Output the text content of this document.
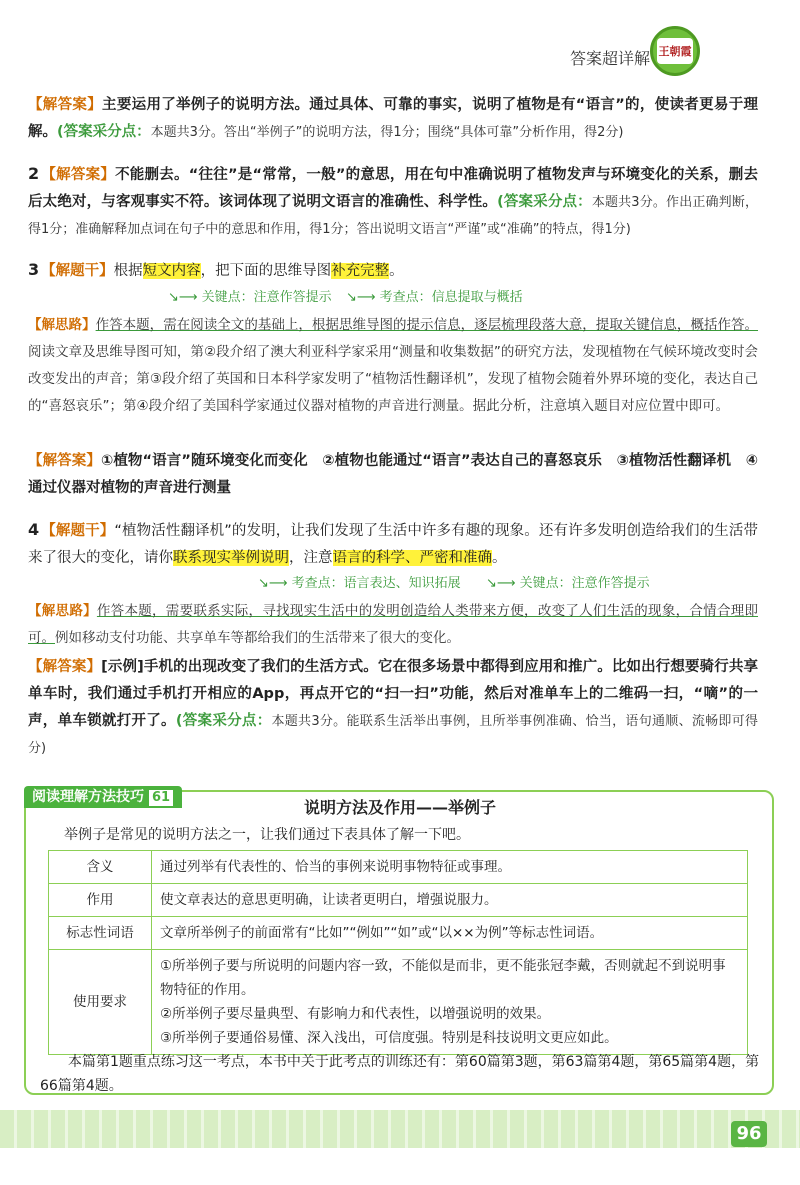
答案超详解 王朝霞
【解答案】主要运用了举例子的说明方法。通过具体、可靠的事实，说明了植物是有“语言”的，使读者更易于理解。(答案采分点：本题共3分。答出“举例子”的说明方法，得1分；围绕“具体可靠”分析作用，得2分)
2 【解答案】不能删去。“往往”是“常常，一般”的意思，用在句中准确说明了植物发声与环境变化的关系，删去后太绝对，与客观事实不符。该词体现了说明文语言的准确性、科学性。(答案采分点：本题共3分。作出正确判断，得1分；准确解释加点词在句子中的意思和作用，得1分；答出说明文语言“严谨”或“准确”的特点，得1分)
3 【解题干】根据短文内容，把下面的思维导图补充完整。
↘⟶ 关键点：注意作答提示 ↘⟶ 考查点：信息提取与概括
【解思路】作答本题，需在阅读全文的基础上，根据思维导图的提示信息，逐层梳理段落大意，提取关键信息，概括作答。阅读文章及思维导图可知，第②段介绍了澳大利亚科学家采用“测量和收集数据”的研究方法，发现植物在气候环境改变时会改变发出的声音；第③段介绍了英国和日本科学家发明了“植物活性翻译机”，发现了植物会随着外界环境的变化，表达自己的“喜怒哀乐”；第④段介绍了美国科学家通过仪器对植物的声音进行测量。据此分析，注意填入题目对应位置中即可。
【解答案】①植物“语言”随环境变化而变化　②植物也能通过“语言”表达自己的喜怒哀乐　③植物活性翻译机　④通过仪器对植物的声音进行测量
4 【解题干】“植物活性翻译机”的发明，让我们发现了生活中许多有趣的现象。还有许多发明创造给我们的生活带来了很大的变化，请你联系现实举例说明，注意语言的科学、严密和准确。
↘⟶ 考查点：语言表达、知识拓展 ↘⟶ 关键点：注意作答提示
【解思路】作答本题，需要联系实际，寻找现实生活中的发明创造给人类带来方便，改变了人们生活的现象，合情合理即可。例如移动支付功能、共享单车等都给我们的生活带来了很大的变化。
【解答案】[示例]手机的出现改变了我们的生活方式。它在很多场景中都得到应用和推广。比如出行想要骑行共享单车时，我们通过手机打开相应的App，再点开它的“扫一扫”功能，然后对准单车上的二维码一扫，“嘀”的一声，单车锁就打开了。(答案采分点：本题共3分。能联系生活举出事例，且所举事例准确、恰当，语句通顺、流畅即可得分)
阅读理解方法技巧 61
说明方法及作用——举例子
举例子是常见的说明方法之一，让我们通过下表具体了解一下吧。
含义	通过列举有代表性的、恰当的事例来说明事物特征或事理。
作用	使文章表达的意思更明确，让读者更明白，增强说服力。
标志性词语	文章所举例子的前面常有“比如”“例如”“如”或“以××为例”等标志性词语。
使用要求	①所举例子要与所说明的问题内容一致，不能似是而非，更不能张冠李戴，否则就起不到说明事物特征的作用。
②所举例子要尽量典型、有影响力和代表性，以增强说明的效果。
③所举例子要通俗易懂、深入浅出，可信度强。特别是科技说明文更应如此。
本篇第1题重点练习这一考点，本书中关于此考点的训练还有：第60篇第3题，第63篇第4题，第65篇第4题，第66篇第4题。
96
